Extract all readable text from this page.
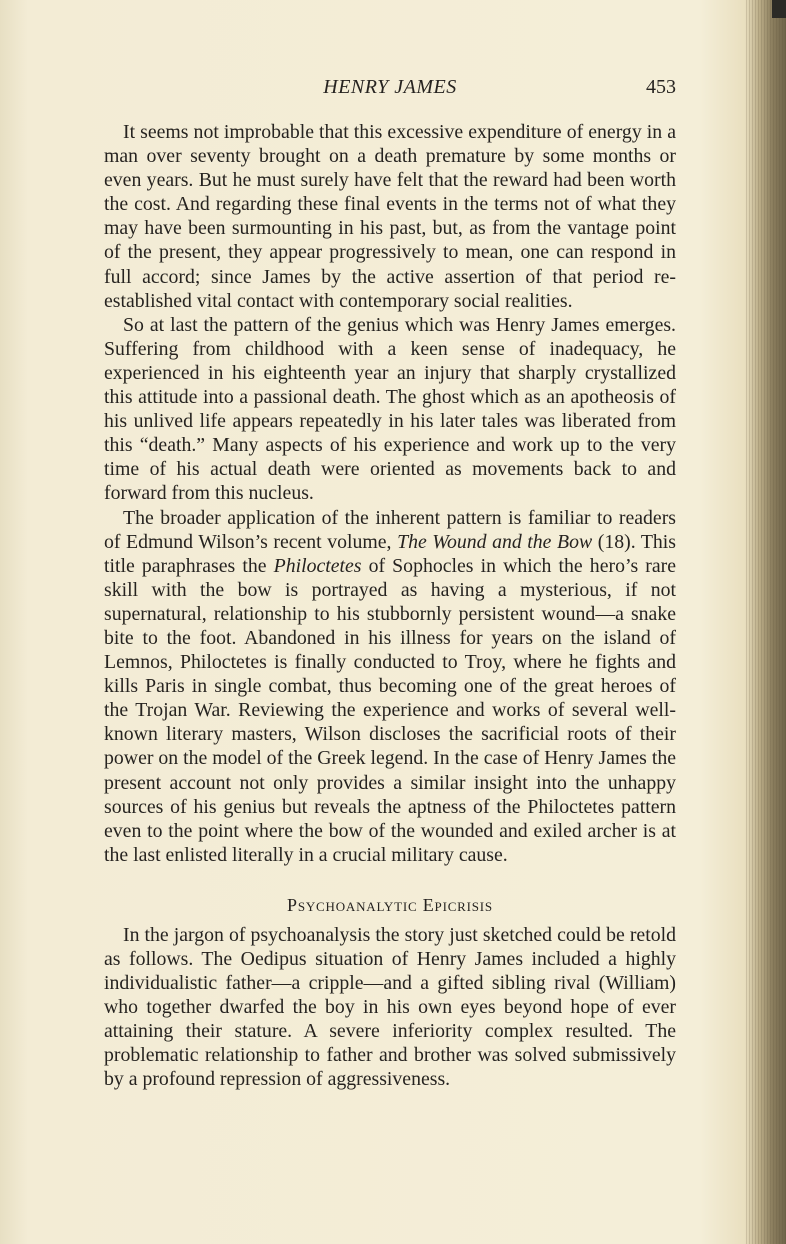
HENRY JAMES	453

It seems not improbable that this excessive expenditure of energy in a man over seventy brought on a death premature by some months or even years. But he must surely have felt that the reward had been worth the cost. And regarding these final events in the terms not of what they may have been surmounting in his past, but, as from the vantage point of the present, they appear progressively to mean, one can respond in full accord; since James by the active assertion of that period re-established vital contact with contemporary social realities.

So at last the pattern of the genius which was Henry James emerges. Suffering from childhood with a keen sense of inadequacy, he experienced in his eighteenth year an injury that sharply crystallized this attitude into a passional death. The ghost which as an apotheosis of his unlived life appears repeatedly in his later tales was liberated from this “death.” Many aspects of his experience and work up to the very time of his actual death were oriented as movements back to and forward from this nucleus.

The broader application of the inherent pattern is familiar to readers of Edmund Wilson’s recent volume, The Wound and the Bow (18). This title paraphrases the Philoctetes of Sophocles in which the hero’s rare skill with the bow is portrayed as having a mysterious, if not supernatural, relationship to his stubbornly persistent wound—a snake bite to the foot. Abandoned in his illness for years on the island of Lemnos, Philoctetes is finally conducted to Troy, where he fights and kills Paris in single combat, thus becoming one of the great heroes of the Trojan War. Reviewing the experience and works of several well-known literary masters, Wilson discloses the sacrificial roots of their power on the model of the Greek legend. In the case of Henry James the present account not only provides a similar insight into the unhappy sources of his genius but reveals the aptness of the Philoctetes pattern even to the point where the bow of the wounded and exiled archer is at the last enlisted literally in a crucial military cause.

Psychoanalytic Epicrisis

In the jargon of psychoanalysis the story just sketched could be retold as follows. The Oedipus situation of Henry James included a highly individualistic father—a cripple—and a gifted sibling rival (William) who together dwarfed the boy in his own eyes beyond hope of ever attaining their stature. A severe inferiority complex resulted. The problematic relationship to father and brother was solved submissively by a profound repression of aggressiveness.
